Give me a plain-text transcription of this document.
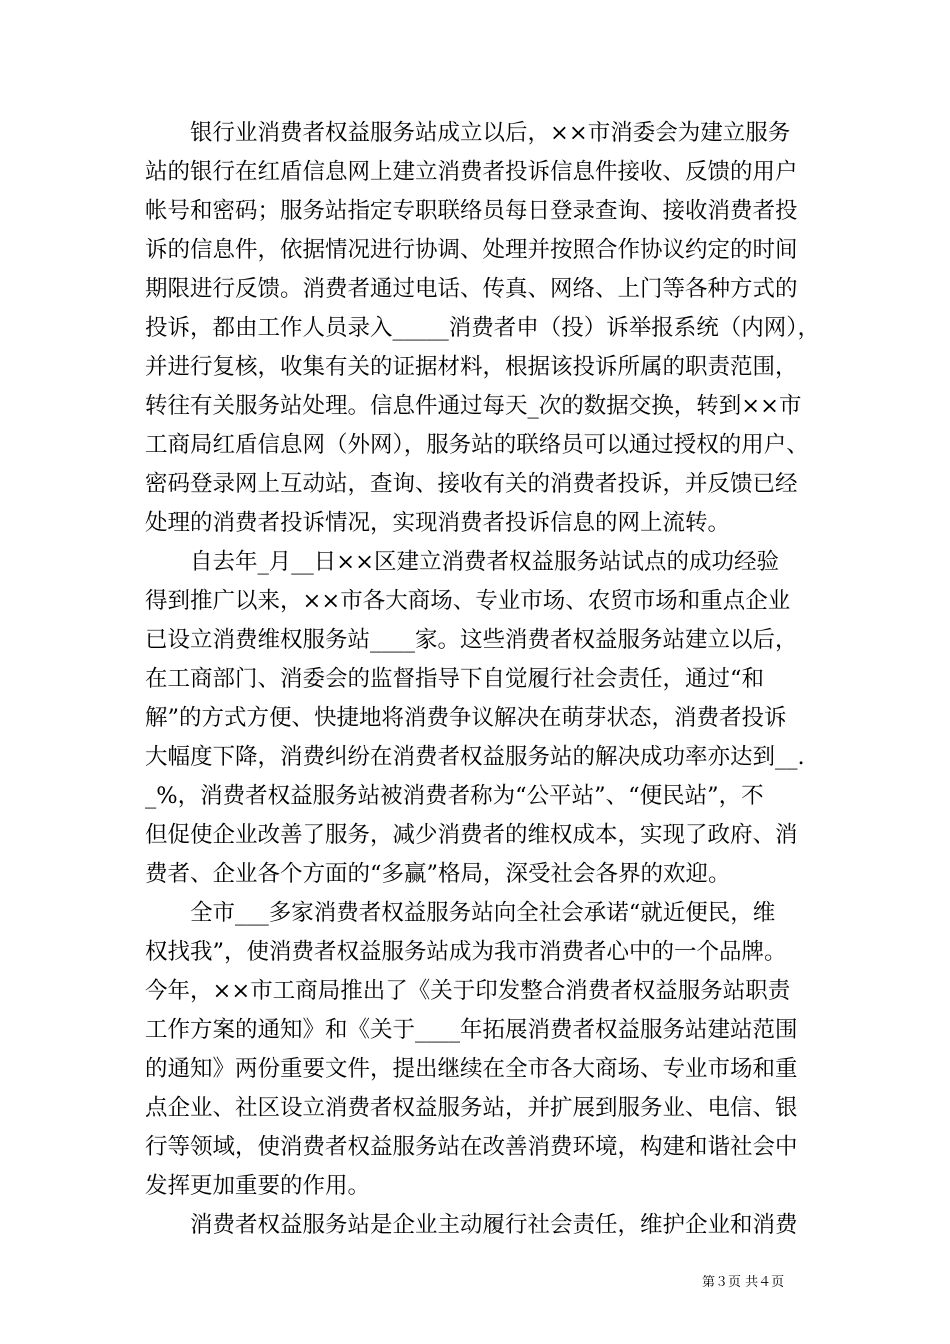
　　银行业消费者权益服务站成立以后，××市消委会为建立服务
站的银行在红盾信息网上建立消费者投诉信息件接收、反馈的用户
帐号和密码；服务站指定专职联络员每日登录查询、接收消费者投
诉的信息件，依据情况进行协调、处理并按照合作协议约定的时间
期限进行反馈。消费者通过电话、传真、网络、上门等各种方式的
投诉，都由工作人员录入_____消费者申（投）诉举报系统（内网），
并进行复核，收集有关的证据材料，根据该投诉所属的职责范围，
转往有关服务站处理。信息件通过每天_次的数据交换，转到××市
工商局红盾信息网（外网），服务站的联络员可以通过授权的用户、
密码登录网上互动站，查询、接收有关的消费者投诉，并反馈已经
处理的消费者投诉情况，实现消费者投诉信息的网上流转。
　　自去年_月__日××区建立消费者权益服务站试点的成功经验
得到推广以来，××市各大商场、专业市场、农贸市场和重点企业
已设立消费维权服务站____家。这些消费者权益服务站建立以后，
在工商部门、消委会的监督指导下自觉履行社会责任，通过“和
解”的方式方便、快捷地将消费争议解决在萌芽状态，消费者投诉
大幅度下降，消费纠纷在消费者权益服务站的解决成功率亦达到__.
_%，消费者权益服务站被消费者称为“公平站”、“便民站”，不
但促使企业改善了服务，减少消费者的维权成本，实现了政府、消
费者、企业各个方面的“多赢”格局，深受社会各界的欢迎。
　　全市___多家消费者权益服务站向全社会承诺“就近便民，维
权找我”，使消费者权益服务站成为我市消费者心中的一个品牌。
今年，××市工商局推出了《关于印发整合消费者权益服务站职责
工作方案的通知》和《关于____年拓展消费者权益服务站建站范围
的通知》两份重要文件，提出继续在全市各大商场、专业市场和重
点企业、社区设立消费者权益服务站，并扩展到服务业、电信、银
行等领域，使消费者权益服务站在改善消费环境，构建和谐社会中
发挥更加重要的作用。
　　消费者权益服务站是企业主动履行社会责任，维护企业和消费
第３页 共４页
